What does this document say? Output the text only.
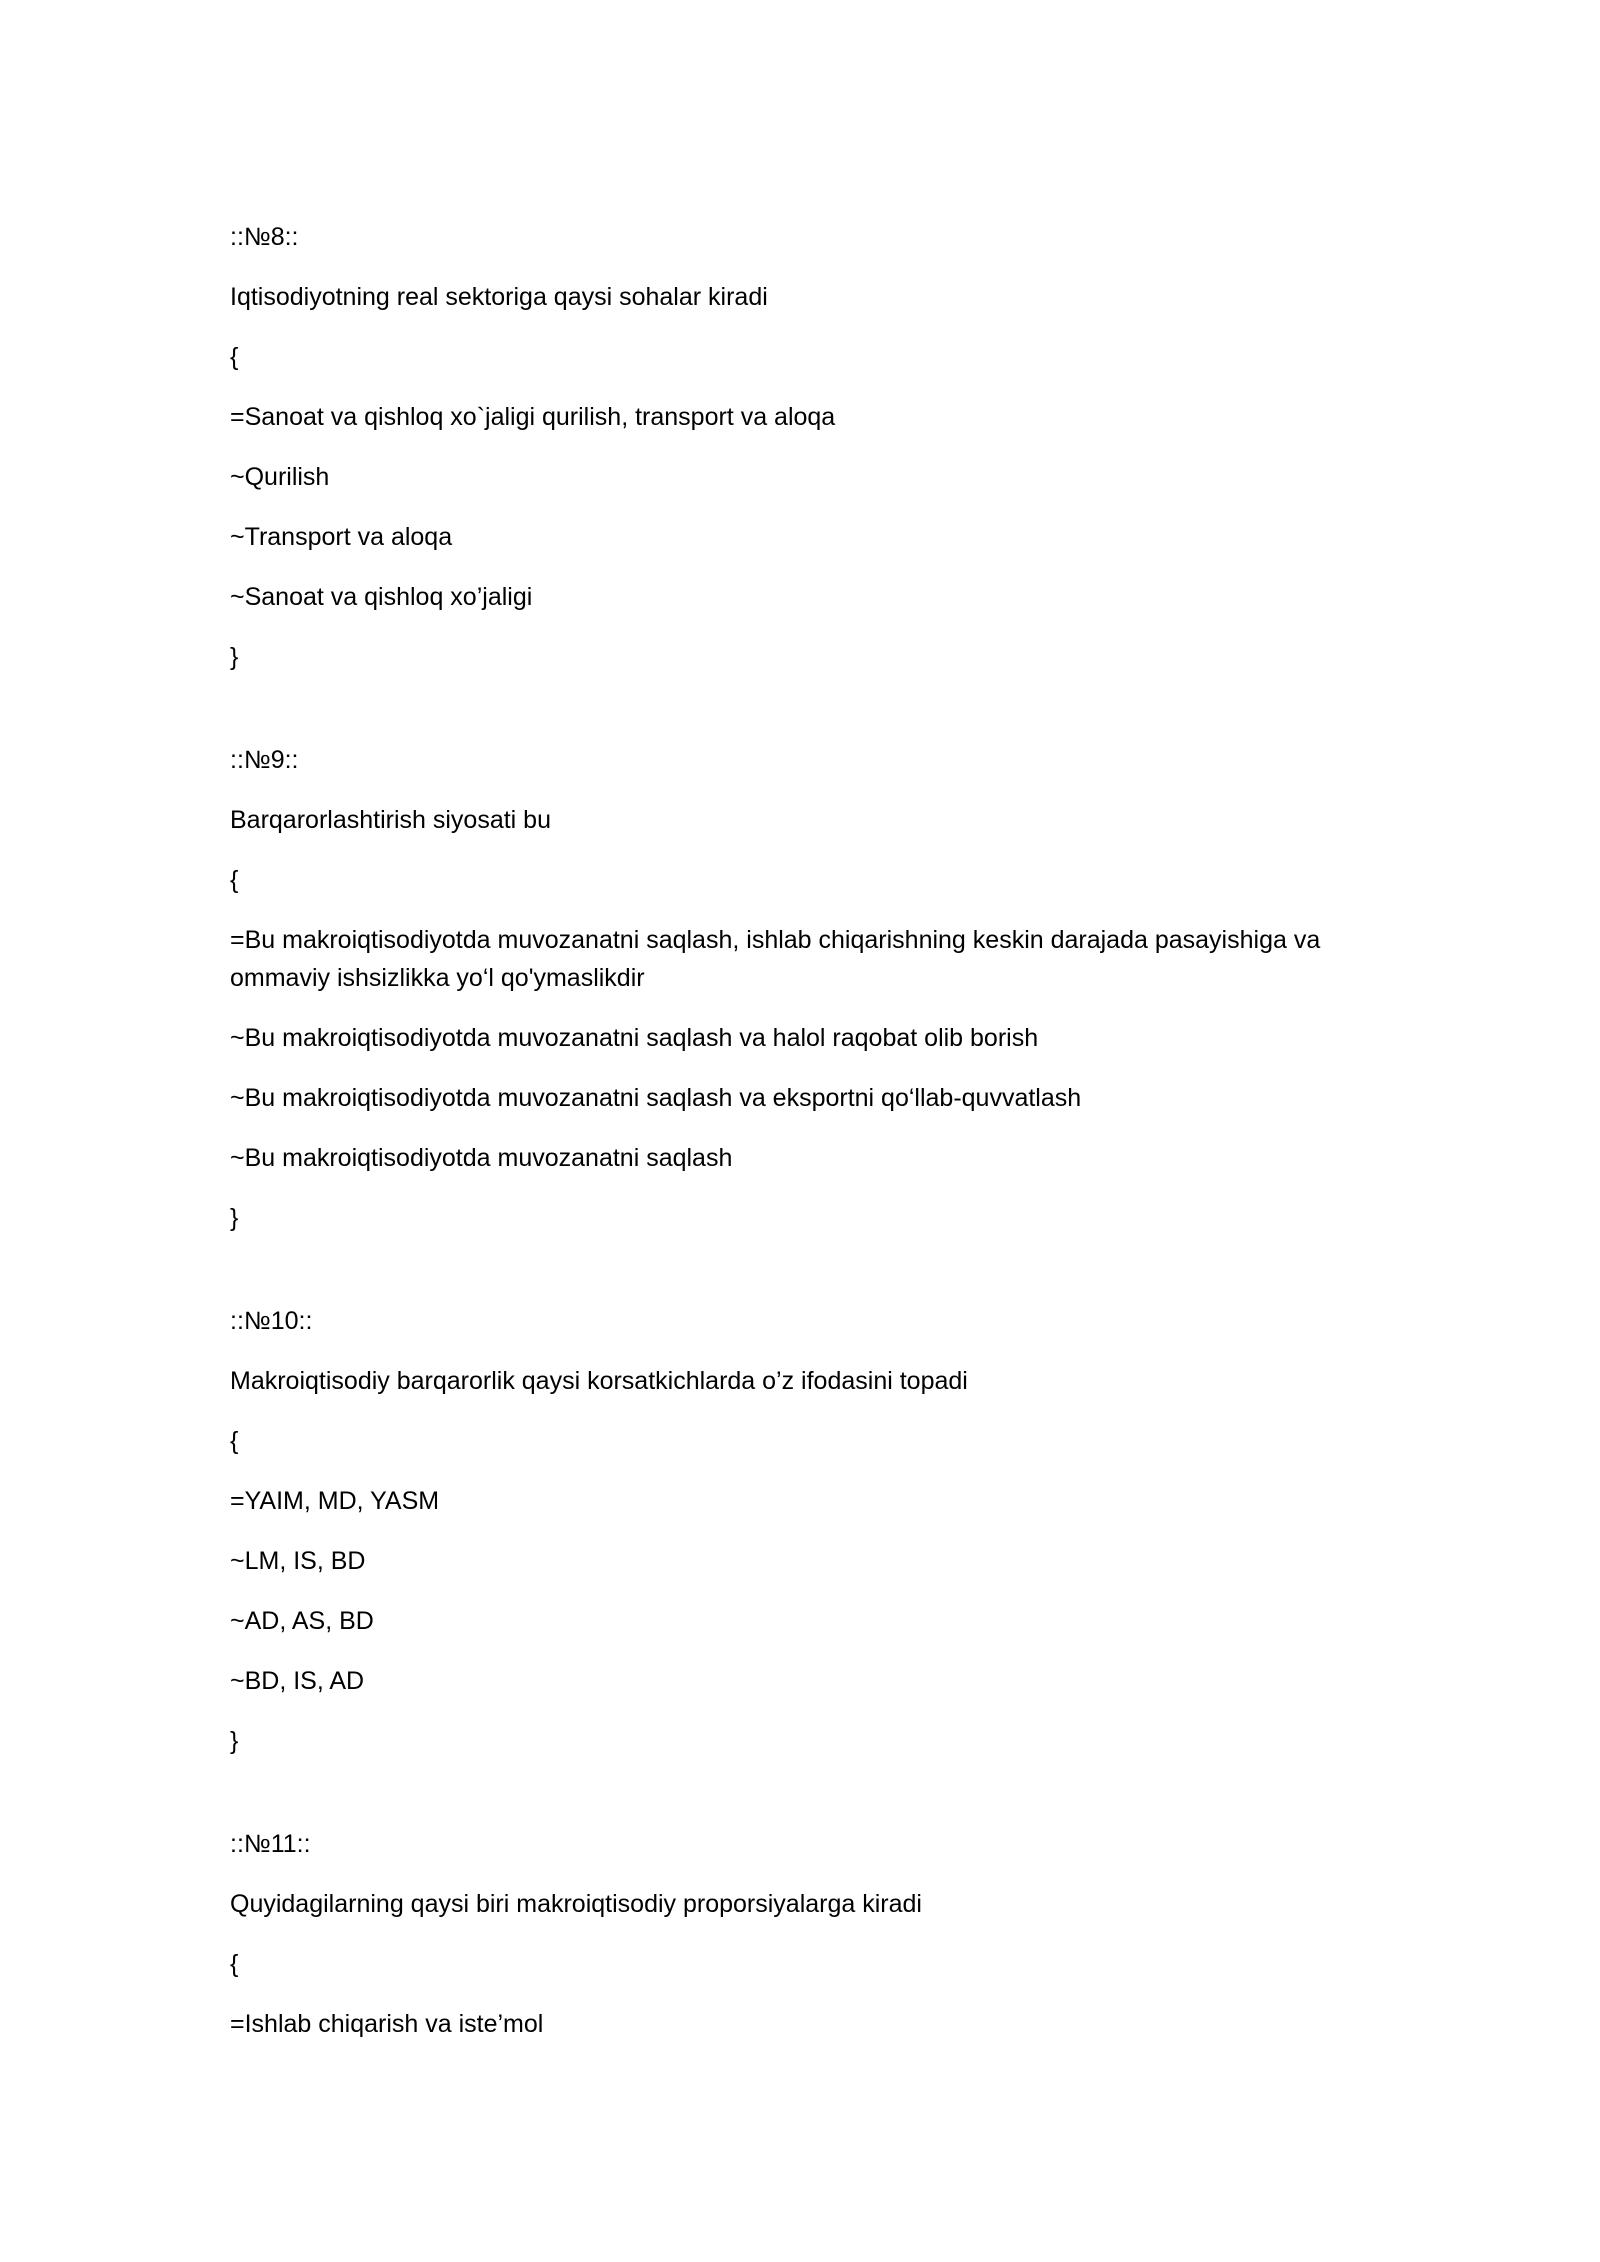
::№8::
Iqtisodiyotning real sektoriga qaysi sohalar kiradi
{
=Sanoat va qishloq xo`jaligi qurilish, transport va aloqa
~Qurilish
~Transport va aloqa
~Sanoat va qishloq xo’jaligi
}
::№9::
Barqarorlashtirish siyosati bu
{
=Bu makroiqtisodiyotda muvozanatni saqlash, ishlab chiqarishning keskin darajada pasayishiga va ommaviy ishsizlikka yo‘l qo'ymaslikdir
~Bu makroiqtisodiyotda muvozanatni saqlash va halol raqobat olib borish
~Bu makroiqtisodiyotda muvozanatni saqlash va eksportni qo‘llab-quvvatlash
~Bu makroiqtisodiyotda muvozanatni saqlash
}
::№10::
Makroiqtisodiy barqarorlik qaysi korsatkichlarda o’z ifodasini topadi
{
=YAIM, MD, YASM
~LM, IS, BD
~AD, AS, BD
~BD, IS, AD
}
::№11::
Quyidagilarning qaysi biri makroiqtisodiy proporsiyalarga kiradi
{
=Ishlab chiqarish va iste’mol
